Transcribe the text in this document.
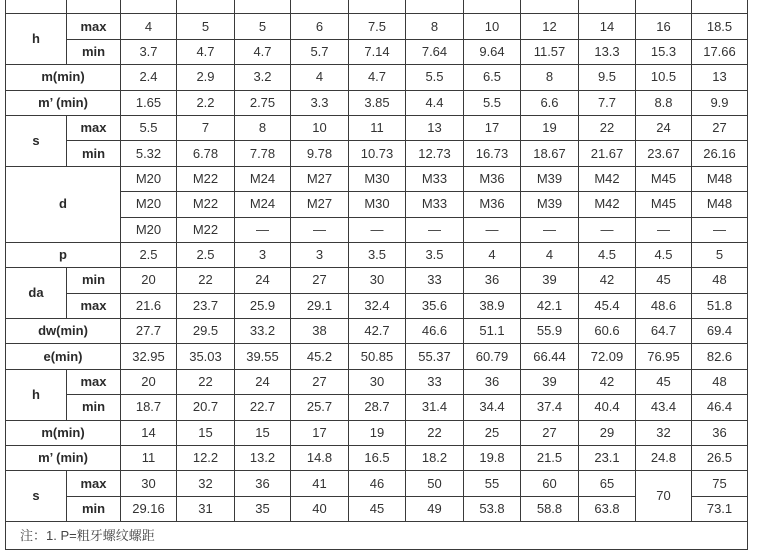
h	max	4	5	5	6	7.5	8	10	12	14	16	18.5
	min	3.7	4.7	4.7	5.7	7.14	7.64	9.64	11.57	13.3	15.3	17.66
m(min)		2.4	2.9	3.2	4	4.7	5.5	6.5	8	9.5	10.5	13
m’ (min)		1.65	2.2	2.75	3.3	3.85	4.4	5.5	6.6	7.7	8.8	9.9
s	max	5.5	7	8	10	11	13	17	19	22	24	27
	min	5.32	6.78	7.78	9.78	10.73	12.73	16.73	18.67	21.67	23.67	26.16
d		M20	M22	M24	M27	M30	M33	M36	M39	M42	M45	M48
		M20	M22	M24	M27	M30	M33	M36	M39	M42	M45	M48
		M20	M22	—	—	—	—	—	—	—	—	—
p		2.5	2.5	3	3	3.5	3.5	4	4	4.5	4.5	5
da	min	20	22	24	27	30	33	36	39	42	45	48
	max	21.6	23.7	25.9	29.1	32.4	35.6	38.9	42.1	45.4	48.6	51.8
dw(min)		27.7	29.5	33.2	38	42.7	46.6	51.1	55.9	60.6	64.7	69.4
e(min)		32.95	35.03	39.55	45.2	50.85	55.37	60.79	66.44	72.09	76.95	82.6
h	max	20	22	24	27	30	33	36	39	42	45	48
	min	18.7	20.7	22.7	25.7	28.7	31.4	34.4	37.4	40.4	43.4	46.4
m(min)		14	15	15	17	19	22	25	27	29	32	36
m’ (min)		11	12.2	13.2	14.8	16.5	18.2	19.8	21.5	23.1	24.8	26.5
s	max	30	32	36	41	46	50	55	60	65	70	75
	min	29.16	31	35	40	45	49	53.8	58.8	63.8		73.1
注：1. P=粗牙螺纹螺距												
